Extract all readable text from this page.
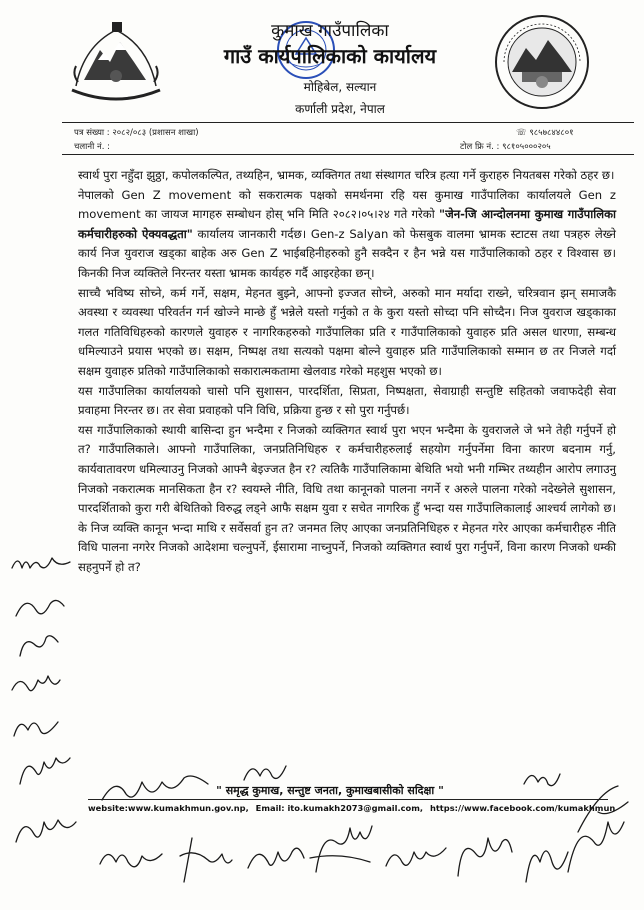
कुमाख गाउँपालिका
गाउँ कार्यपालिकाको कार्यालय
मोहिबेल, सल्यान
कर्णाली प्रदेश, नेपाल
पत्र संख्या : २०८२/०८३ (प्रशासन शाखा)
चलानी नं. :
☏ ९८५७८४४८०१
टोल फ्रि नं. : ९८१०५०००२०५

स्वार्थ पुरा नहुँदा झुठ्ठा, कपोलकल्पित, तथ्यहिन, भ्रामक, व्यक्तिगत तथा संस्थागत चरित्र हत्या गर्ने कुराहरु नियतबस गरेको ठहर छ।

नेपालको Gen Z movement को सकरात्मक पक्षको समर्थनमा रहि यस कुमाख गाउँपालिका कार्यालयले Gen z movement का जायज मागहरु सम्बोधन होस् भनि मिति २०८२।०५।२४ गते गरेको "जेन-जि आन्दोलनमा कुमाख गाउँपालिका कर्मचारीहरुको ऐक्यवद्धता" कार्यालय जानकारी गर्दछ। Gen-z Salyan को फेसबुक वालमा भ्रामक स्टाटस तथा पत्रहरु लेख्ने कार्य निज युवराज खड्का बाहेक अरु Gen Z भाईबहिनीहरुको हुनै सक्दैन र हैन भन्ने यस गाउँपालिकाको ठहर र विश्वास छ। किनकी निज व्यक्तिले निरन्तर यस्ता भ्रामक कार्यहरु गर्दै आइरहेका छन्।

साच्चै भविष्य सोच्ने, कर्म गर्ने, सक्षम, मेहनत बुझ्ने, आफ्नो इज्जत सोच्ने, अरुको मान मर्यादा राख्ने, चरित्रवान झन् समाजकै अवस्था र व्यवस्था परिवर्तन गर्न खोज्ने मान्छे हुँ भन्नेले यस्तो गर्नुको त के कुरा यस्तो सोच्दा पनि सोच्दैन। निज युवराज खड्काका गलत गतिविधिहरुको कारणले युवाहरु र नागरिकहरुको गाउँपालिका प्रति र गाउँपालिकाको युवाहरु प्रति असल धारणा, सम्बन्ध धमिल्याउने प्रयास भएको छ। सक्षम, निष्पक्ष तथा सत्यको पक्षमा बोल्ने युवाहरु प्रति गाउँपालिकाको सम्मान छ तर निजले गर्दा सक्षम युवाहरु प्रतिको गाउँपालिकाको सकारात्मकतामा खेलवाड गरेको महशुस भएको छ।

यस गाउँपालिका कार्यालयको चासो पनि सुशासन, पारदर्शिता, सिप्रता, निष्पक्षता, सेवाग्राही सन्तुष्टि सहितको जवाफदेही सेवा प्रवाहमा निरन्तर छ। तर सेवा प्रवाहको पनि विधि, प्रक्रिया हुन्छ र सो पुरा गर्नुपर्छ।

यस गाउँपालिकाको स्थायी बासिन्दा हुन भन्दैमा र निजको व्यक्तिगत स्वार्थ पुरा भएन भन्दैमा के युवराजले जे भने तेही गर्नुपर्ने हो त? गाउँपालिकाले। आफ्नो गाउँपालिका, जनप्रतिनिधिहरु र कर्मचारीहरुलाई सहयोग गर्नुपर्नेमा विना कारण बदनाम गर्नु, कार्यवातावरण धमिल्याउनु निजको आफ्नै बेइज्जत हैन र? त्यतिकै गाउँपालिकामा बेथिति भयो भनी गम्भिर तथ्यहीन आरोप लगाउनु निजको नकरात्मक मानसिकता हैन र? स्वयम्ले नीति, विधि तथा कानूनको पालना नगर्ने र अरुले पालना गरेको नदेख्नेले सुशासन, पारदर्शिताको कुरा गरी बेथितिको विरुद्ध लड्ने आफै सक्षम युवा र सचेत नागरिक हुँ भन्दा यस गाउँपालिकालाई आश्चर्य लागेको छ। के निज व्यक्ति कानून भन्दा माथि र सर्वेसर्वा हुन त? जनमत लिए आएका जनप्रतिनिधिहरु र मेहनत गरेर आएका कर्मचारीहरु नीति विधि पालना नगरेर निजको आदेशमा चल्नुपर्ने, ईसारामा नाच्नुपर्ने, निजको व्यक्तिगत स्वार्थ पुरा गर्नुपर्ने, विना कारण निजको धम्की सहनुपर्ने हो त?

" समृद्ध कुमाख, सन्तुष्ट जनता, कुमाखबासीको सदिक्षा "
website:www.kumakhmun.gov.np, Email: ito.kumakh2073@gmail.com, https://www.facebook.com/kumakhmun
